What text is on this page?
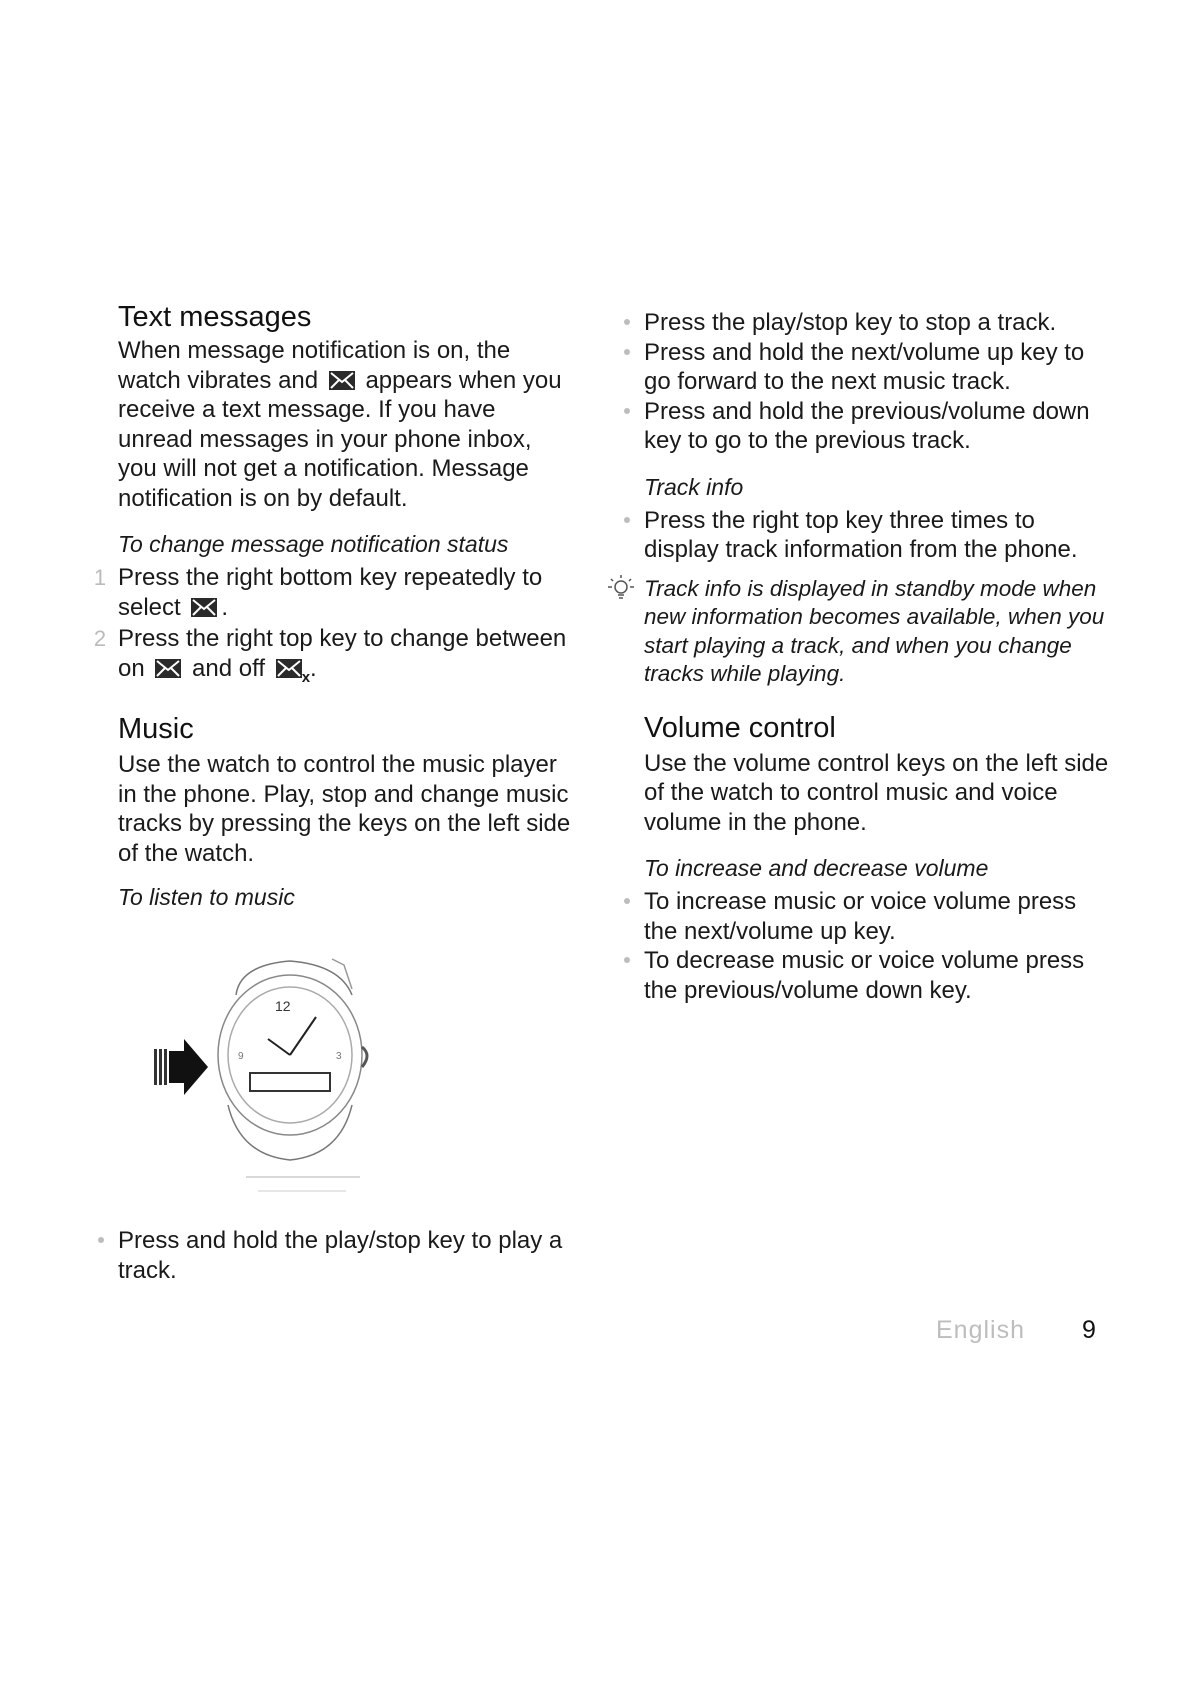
Text messages

When message notification is on, the watch vibrates and appears when you receive a text message. If you have unread messages in your phone inbox, you will not get a notification. Message notification is on by default.

To change message notification status

1 Press the right bottom key repeatedly to select .
2 Press the right top key to change between on and off $_x$.
Music

Use the watch to control the music player in the phone. Play, stop and change music tracks by pressing the keys on the left side of the watch.

To listen to music

12
3
9
Press and hold the play/stop key to play a track.
Press the play/stop key to stop a track.
Press and hold the next/volume up key to go forward to the next music track.
Press and hold the previous/volume down key to go to the previous track.

Track info

Press the right top key three times to display track information from the phone.
Track info is displayed in standby mode when new information becomes available, when you start playing a track, and when you change tracks while playing.
Volume control

Use the volume control keys on the left side of the watch to control music and voice volume in the phone.

To increase and decrease volume

To increase music or voice volume press the next/volume up key.
To decrease music or voice volume press the previous/volume down key.
English 9
